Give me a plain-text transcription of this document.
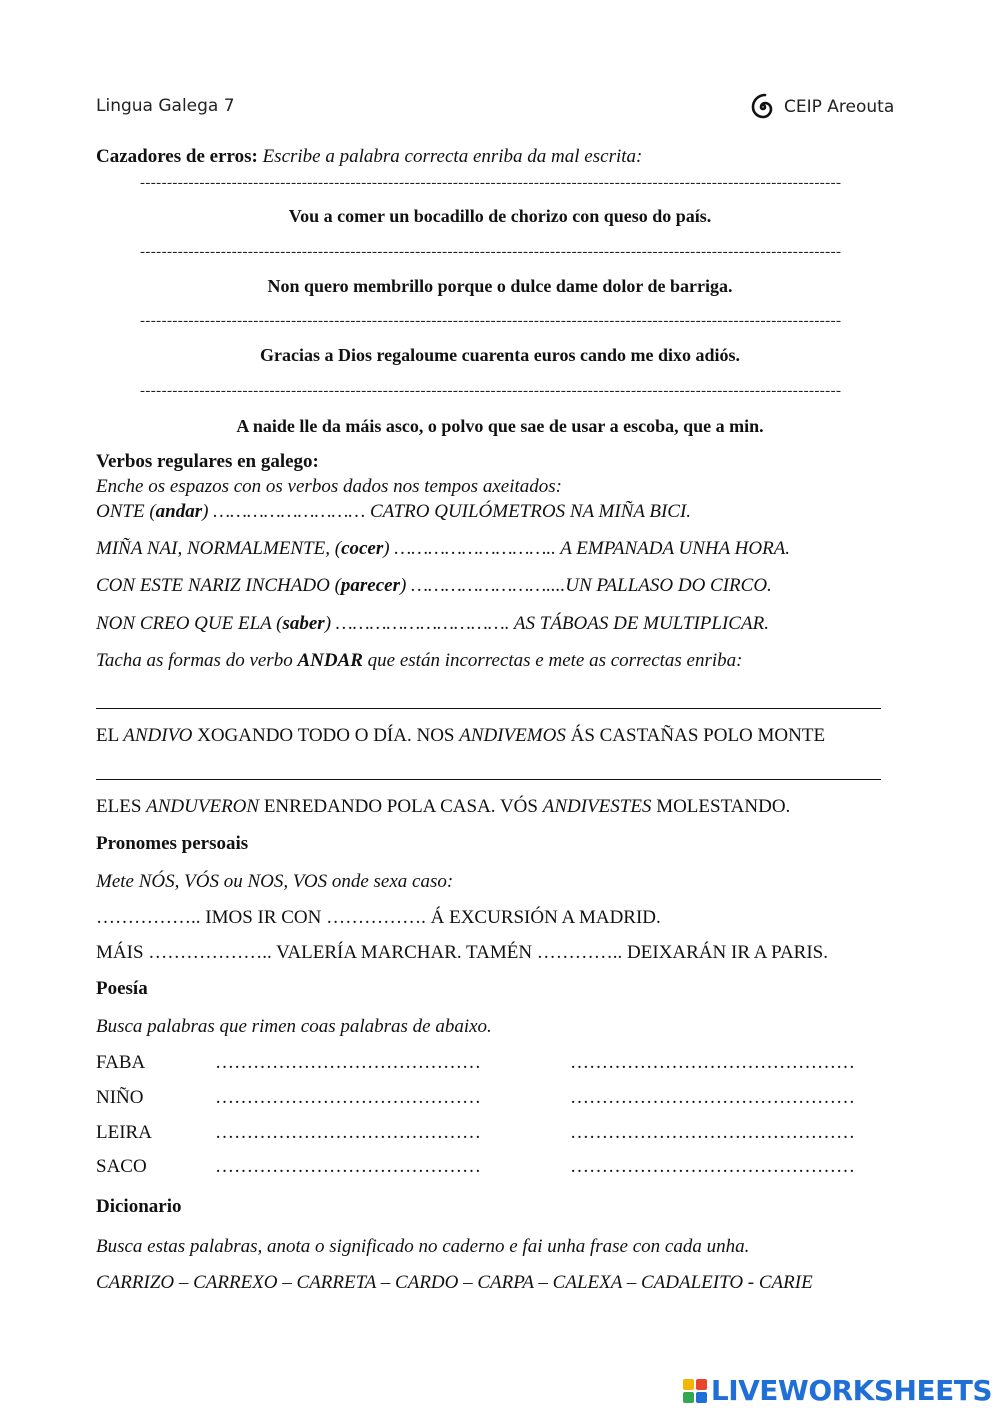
Lingua Galega 7	CEIP Areouta
Cazadores de erros: Escribe a palabra correcta enriba da mal escrita:
----------------------------------------------------------------------------------------------------------------------------------
Vou a comer un bocadillo de chorizo con queso do país.
----------------------------------------------------------------------------------------------------------------------------------
Non quero membrillo porque o dulce dame dolor de barriga.
----------------------------------------------------------------------------------------------------------------------------------
Gracias a Dios regaloume cuarenta euros cando me dixo adiós.
----------------------------------------------------------------------------------------------------------------------------------
A naide lle da máis asco, o polvo que sae de usar a escoba, que a min.
Verbos regulares en galego:
Enche os espazos con os verbos dados nos tempos axeitados:
ONTE (andar) ……………………… CATRO QUILÓMETROS NA MIÑA BICI.
MIÑA NAI, NORMALMENTE, (cocer) ……………………….. A EMPANADA UNHA HORA.
CON ESTE NARIZ INCHADO (parecer) ……………………....UN PALLASO DO CIRCO.
NON CREO QUE ELA (saber) …………………………. AS TÁBOAS DE MULTIPLICAR.
Tacha as formas do verbo ANDAR que están incorrectas e mete as correctas enriba:
EL ANDIVO XOGANDO TODO O DÍA. NOS ANDIVEMOS ÁS CASTAÑAS POLO MONTE
ELES ANDUVERON ENREDANDO POLA CASA. VÓS ANDIVESTES MOLESTANDO.
Pronomes persoais
Mete NÓS, VÓS ou NOS, VOS onde sexa caso:
…………….. IMOS IR CON ……………. Á EXCURSIÓN A MADRID.
MÁIS ……………….. VALERÍA MARCHAR. TAMÉN ………….. DEIXARÁN IR A PARIS.
Poesía
Busca palabras que rimen coas palabras de abaixo.
FABA	……………………………………	………………………………………
NIÑO	……………………………………	………………………………………
LEIRA	……………………………………	………………………………………
SACO	……………………………………	………………………………………
Dicionario
Busca estas palabras, anota o significado no caderno e fai unha frase con cada unha.
CARRIZO – CARREXO – CARRETA – CARDO – CARPA – CALEXA – CADALEITO - CARIE
LIVEWORKSHEETS
